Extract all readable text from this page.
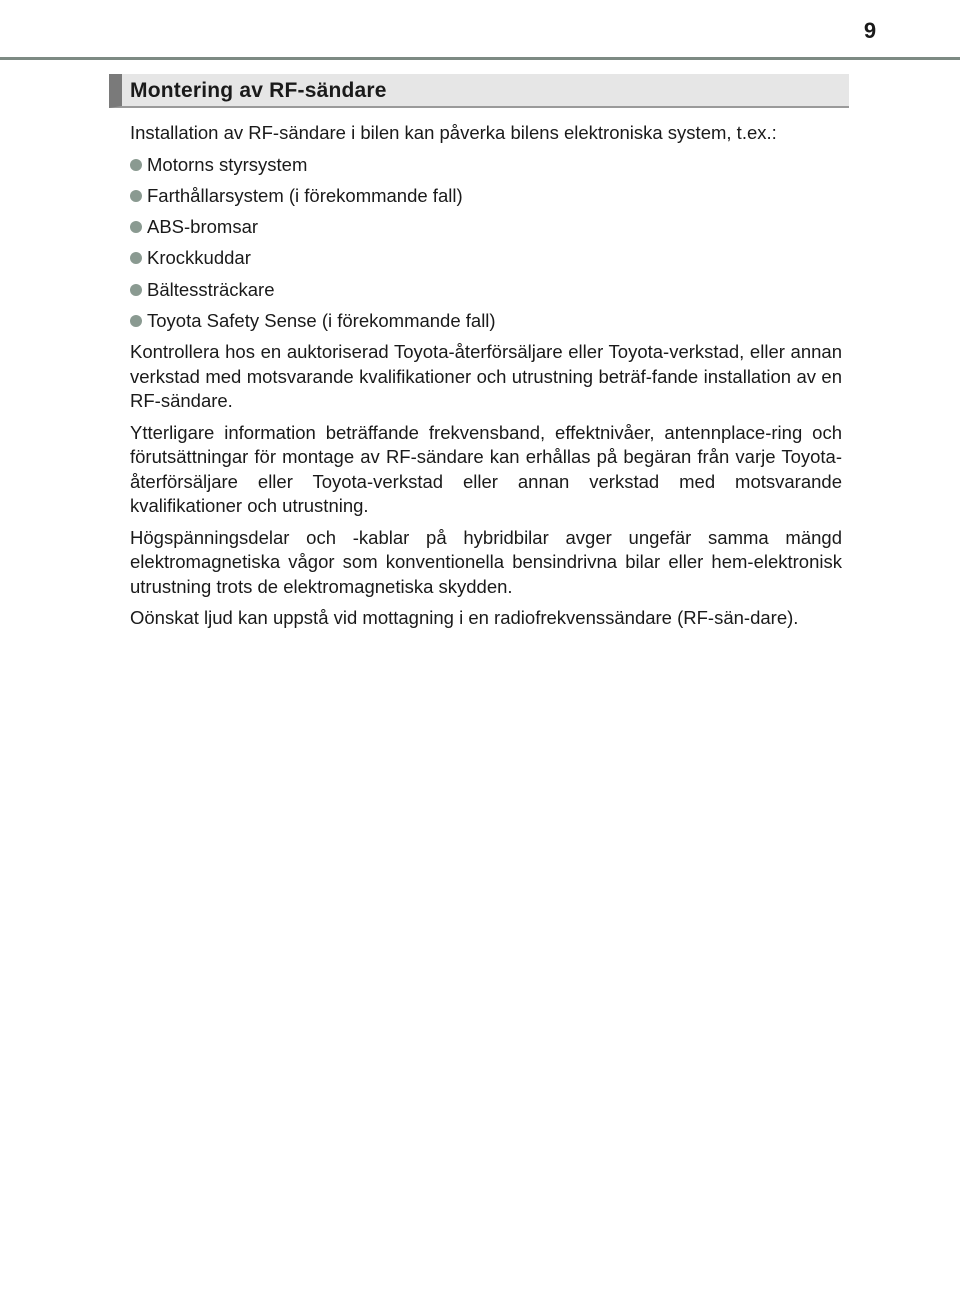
9
Montering av RF-sändare

Installation av RF-sändare i bilen kan påverka bilens elektroniska system, t.ex.:

Motorns styrsystem
Farthållarsystem (i förekommande fall)
ABS-bromsar
Krockkuddar
Bältessträckare
Toyota Safety Sense (i förekommande fall)

Kontrollera hos en auktoriserad Toyota-återförsäljare eller Toyota-verkstad, eller annan verkstad med motsvarande kvalifikationer och utrustning beträf-fande installation av en RF-sändare.

Ytterligare information beträffande frekvensband, effektnivåer, antennplace-ring och förutsättningar för montage av RF-sändare kan erhållas på begäran från varje Toyota-återförsäljare eller Toyota-verkstad eller annan verkstad med motsvarande kvalifikationer och utrustning.

Högspänningsdelar och -kablar på hybridbilar avger ungefär samma mängd elektromagnetiska vågor som konventionella bensindrivna bilar eller hem-elektronisk utrustning trots de elektromagnetiska skydden.

Oönskat ljud kan uppstå vid mottagning i en radiofrekvenssändare (RF-sän-dare).
